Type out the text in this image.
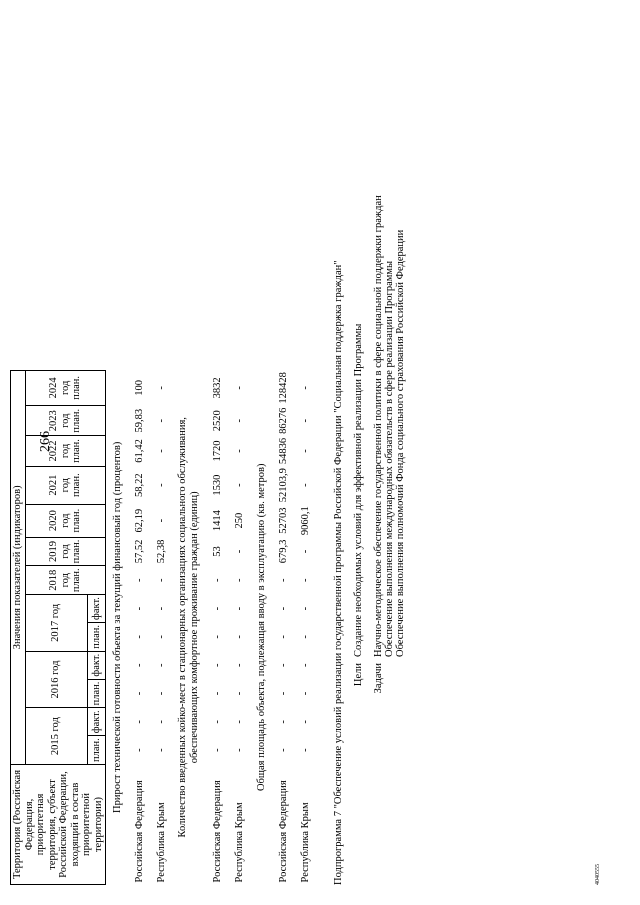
266
4040555
Территория (Российская Федерация, приоритетная территория, субъект Российской Федерации, входящий в состав приоритетной территории)	Значения показателей (индикаторов)												
	2015 год		2016 год		2017 год		2018 год план.	2019 год план.	2020 год план.	2021 год план.	2022 год план.	2023 год план.	2024 год план.
	план.	факт.	план.	факт.	план.	факт.							
Прирост технической готовности объекта за текущий финансовый год (процентов)													
Российская Федерация	-	-	-	-	-	-	-	57,52	62,19	58,22	61,42	59,83	100
Республика Крым	-	-	-	-	-	-	-	52,38	-	-	-	-	-
Количество введенных койко-мест в стационарных организациях социального обслуживания,
обеспечивающих комфортное проживание граждан (единиц)													
Российская Федерация	-	-	-	-	-	-	-	53	1414	1530	1720	2520	3832
Республика Крым	-	-	-	-	-	-	-	-	250	-	-	-	-
Общая площадь объекта, подлежащая вводу в эксплуатацию (кв. метров)													
Российская Федерация	-	-	-	-	-	-	-	679,3	52703	52103,9	54836	86276	128428
Республика Крым	-	-	-	-	-	-	-	-	9060,1	-	-	-	- Подпрограмма 7 "Обеспечение условий реализации государственной программы Российской Федерации "Социальная поддержка граждан" ЦелиСоздание необходимых условий для эффективной реализации Программы
ЗадачиНаучно-методическое обеспечение государственной политики в сфере социальной поддержки граждан
Обеспечение выполнения международных обязательств в сфере реализации Программы
Обеспечение выполнения полномочий Фонда социального страхования Российской Федерации
